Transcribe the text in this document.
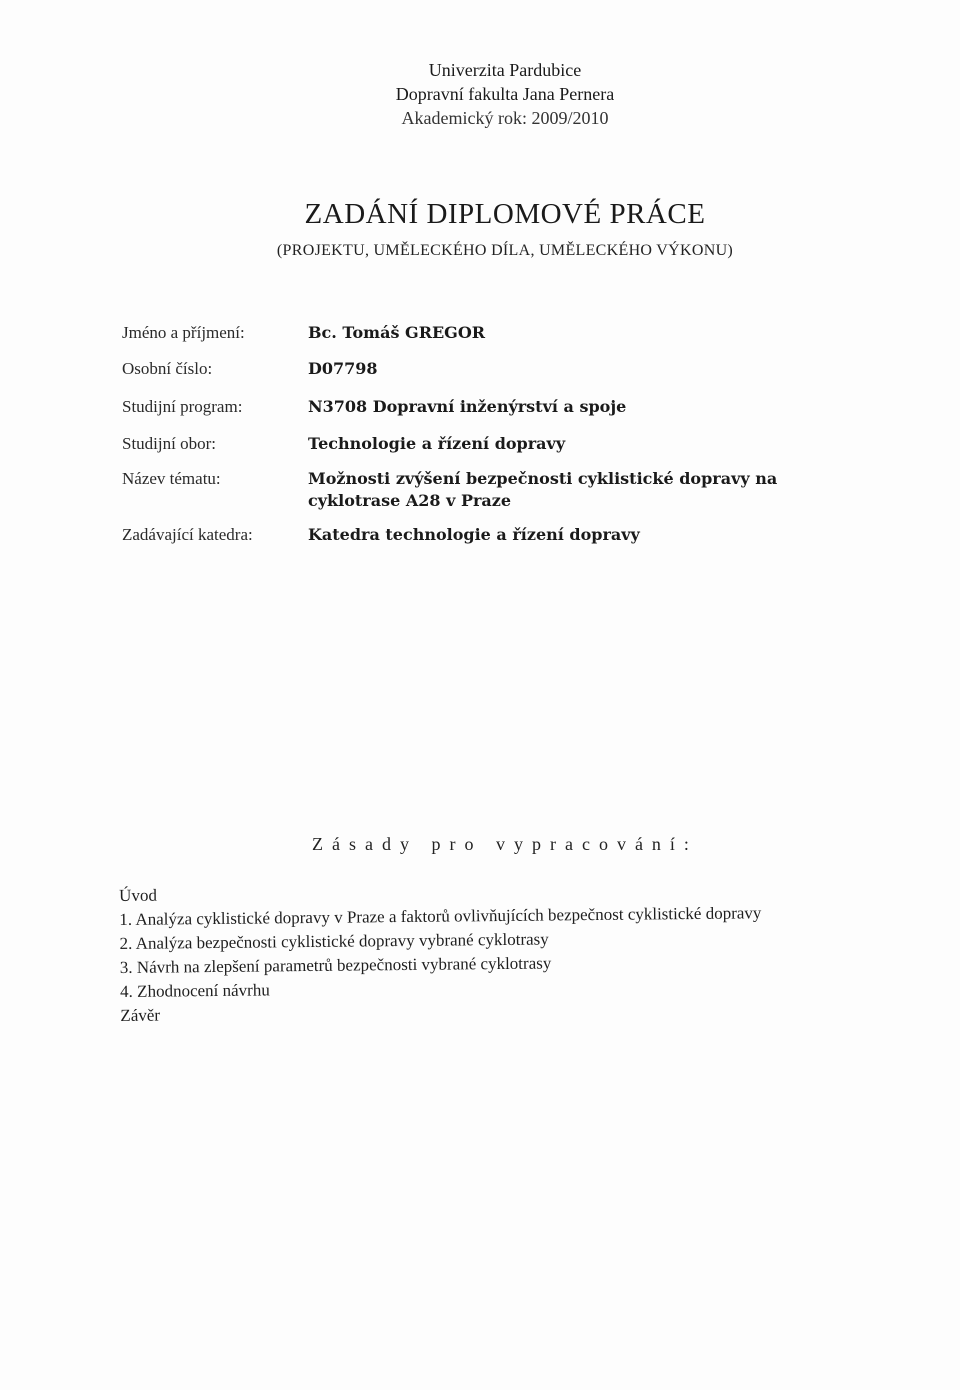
Univerzita Pardubice
Dopravní fakulta Jana Pernera
Akademický rok: 2009/2010
ZADÁNÍ DIPLOMOVÉ PRÁCE
(PROJEKTU, UMĚLECKÉHO DÍLA, UMĚLECKÉHO VÝKONU)
Jméno a příjmení:	Bc. Tomáš GREGOR
Osobní číslo:	D07798
Studijní program:	N3708 Dopravní inženýrství a spoje
Studijní obor:	Technologie a řízení dopravy
Název tématu:	Možnosti zvýšení bezpečnosti cyklistické dopravy na cyklotrase A28 v Praze
Zadávající katedra:	Katedra technologie a řízení dopravy
Zásady pro vypracování:
Úvod
1. Analýza cyklistické dopravy v Praze a faktorů ovlivňujících bezpečnost cyklistické dopravy
2. Analýza bezpečnosti cyklistické dopravy vybrané cyklotrasy
3. Návrh na zlepšení parametrů bezpečnosti vybrané cyklotrasy
4. Zhodnocení návrhu
Závěr
